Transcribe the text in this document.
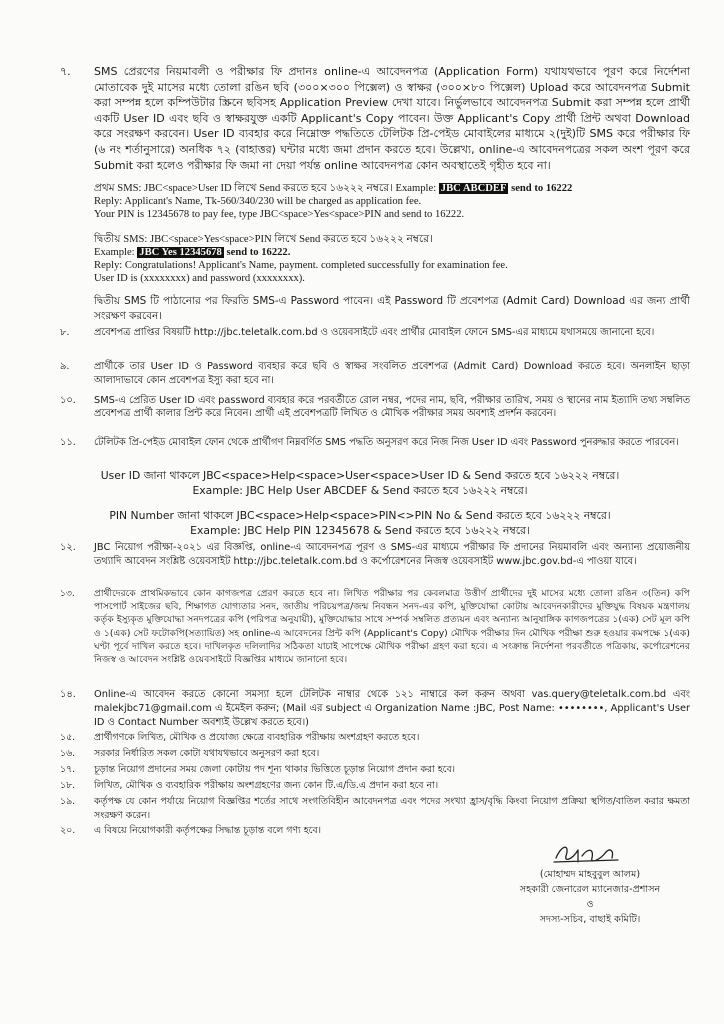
৭.	SMS প্রেরণের নিয়মাবলী ও পরীক্ষার ফি প্রদানঃ online-এ আবেদনপত্র (Application Form) যথাযথভাবে পূরণ করে নির্দেশনা মোতাবেক দুই মাসের মধ্যে তোলা রঙিন ছবি (৩০০×৩০০ পিক্সেল) ও স্বাক্ষর (৩০০×৮০ পিক্সেল) Upload করে আবেদনপত্র Submit করা সম্পন্ন হলে কম্পিউটার স্ক্রিনে ছবিসহ Application Preview দেখা যাবে। নির্ভুলভাবে আবেদনপত্র Submit করা সম্পন্ন হলে প্রার্থী একটি User ID এবং ছবি ও স্বাক্ষরযুক্ত একটি Applicant's Copy পাবেন। উক্ত Applicant's Copy প্রার্থী প্রিন্ট অথবা Download করে সংরক্ষণ করবেন। User ID ব্যবহার করে নিম্নোক্ত পদ্ধতিতে টেলিটক প্রি-পেইড মোবাইলের মাধ্যমে ২(দুই)টি SMS করে পরীক্ষার ফি (৬ নং শর্তানুসারে) অনধিক ৭২ (বাহাত্তর) ঘন্টার মধ্যে জমা প্রদান করতে হবে। উল্লেখ্য, online-এ আবেদনপত্রের সকল অংশ পূরণ করে Submit করা হলেও পরীক্ষার ফি জমা না দেয়া পর্যন্ত online আবেদনপত্র কোন অবস্থাতেই গৃহীত হবে না।

প্রথম SMS: JBC<space>User ID লিখে Send করতে হবে ১৬২২২ নম্বরে। Example: JBC ABCDEF send to 16222

Reply: Applicant's Name, Tk-560/340/230 will be charged as application fee.

Your PIN is 12345678 to pay fee, type JBC<space>Yes<space>PIN and send to 16222.

দ্বিতীয় SMS: JBC<space>Yes<space>PIN লিখে Send করতে হবে ১৬২২২ নম্বরে।

Example: JBC Yes 12345678 send to 16222.

Reply: Congratulations! Applicant's Name, payment. completed successfully for examination fee.

User ID is (xxxxxxxx) and password (xxxxxxxx).

দ্বিতীয় SMS টি পাঠানোর পর ফিরতি SMS-এ Password পাবেন। এই Password টি প্রবেশপত্র (Admit Card) Download এর জন্য প্রার্থী সংরক্ষণ করবেন।
৮.	প্রবেশপত্র প্রাপ্তির বিষয়টি http://jbc.teletalk.com.bd ও ওয়েবসাইটে এবং প্রার্থীর মোবাইল ফোনে SMS-এর মাধ্যমে যথাসময়ে জানানো হবে।
৯.	প্রার্থীকে তার User ID ও Password ব্যবহার করে ছবি ও স্বাক্ষর সংবলিত প্রবেশপত্র (Admit Card) Download করতে হবে। অনলাইন ছাড়া আলাদাভাবে কোন প্রবেশপত্র ইস্যু করা হবে না।
১০.	SMS-এ প্রেরিত User ID এবং password ব্যবহার করে পরবর্তীতে রোল নম্বর, পদের নাম, ছবি, পরীক্ষার তারিখ, সময় ও স্থানের নাম ইত্যাদি তথ্য সম্বলিত প্রবেশপত্র প্রার্থী কালার প্রিন্ট করে নিবেন। প্রার্থী এই প্রবেশপত্রটি লিখিত ও মৌখিক পরীক্ষার সময় অবশ্যই প্রদর্শন করবেন।
১১.	টেলিটক প্রি-পেইড মোবাইল ফোন থেকে প্রার্থীগণ নিম্নবর্ণিত SMS পদ্ধতি অনুসরণ করে নিজ নিজ User ID এবং Password পুনরুদ্ধার করতে পারবেন।
User ID জানা থাকলে JBC<space>Help<space>User<space>User ID & Send করতে হবে ১৬২২২ নম্বরে।
Example: JBC Help User ABCDEF & Send করতে হবে ১৬২২২ নম্বরে।
PIN Number জানা থাকলে JBC<space>Help<space>PIN<>PIN No & Send করতে হবে ১৬২২২ নম্বরে।
Example: JBC Help PIN 12345678 & Send করতে হবে ১৬২২২ নম্বরে।
১২.	JBC নিয়োগ পরীক্ষা-২০২১ এর বিজ্ঞপ্তি, online-এ আবেদনপত্র পূরণ ও SMS-এর মাধ্যমে পরীক্ষার ফি প্রদানের নিয়মাবলি এবং অন্যান্য প্রয়োজনীয় তথ্যাদি আবেদন সংশ্লিষ্ট ওয়েবসাইট http://jbc.teletalk.com.bd ও কর্পোরেশনের নিজস্ব ওয়েবসাইট www.jbc.gov.bd-এ পাওয়া যাবে।
১৩.	প্রার্থীদেরকে প্রাথমিকভাবে কোন কাগজপত্র প্রেরণ করতে হবে না। লিখিত পরীক্ষার পর কেবলমাত্র উত্তীর্ণ প্রার্থীদের দুই মাসের মধ্যে তোলা রঙিন ৩(তিন) কপি পাসপোর্ট সাইজের ছবি, শিক্ষাগত যোগ্যতার সনদ, জাতীয় পরিচয়পত্র/জন্ম নিবন্ধন সনদ-এর কপি, মুক্তিযোদ্ধা কোটায় আবেদনকারীদের মুক্তিযুদ্ধ বিষয়ক মন্ত্রণালয় কর্তৃক ইস্যুকৃত মুক্তিযোদ্ধা সনদপত্রের কপি (পরিপত্র অনুযায়ী), মুক্তিযোদ্ধার সাথে সম্পর্ক সম্বলিত প্রত্যয়ন এবং অন্যান্য আনুষাঙ্গিক কাগজপত্রের ১(এক) সেট মূল কপি ও ১(এক) সেট ফটোকপি(সত্যায়িত) সহ online-এ আবেদনের প্রিন্ট কপি (Applicant's Copy) মৌখিক পরীক্ষার দিন মৌখিক পরীক্ষা শুরু হওয়ার কমপক্ষে ১(এক) ঘণ্টা পূর্বে দাখিল করতে হবে। দাখিলকৃত দলিলাদির সঠিকতা যাচাই সাপেক্ষে মৌখিক পরীক্ষা গ্রহণ করা হবে। এ সংক্রান্ত নির্দেশনা পরবর্তীতে পত্রিকায়, কর্পোরেশনের নিজস্ব ও আবেদন সংশ্লিষ্ট ওয়েবসাইটে বিজ্ঞপ্তির মাধ্যমে জানানো হবে।
১৪.	Online-এ আবেদন করতে কোনো সমস্যা হলে টেলিটক নাম্বার থেকে ১২১ নাম্বারে কল করুন অথবা vas.query@teletalk.com.bd এবং malekjbc71@gmail.com এ ইমেইল করুন; (Mail এর subject এ Organization Name :JBC, Post Name: ••••••••, Applicant's User ID ও Contact Number অবশ্যই উল্লেখ করতে হবে।)
১৫.	প্রার্থীগণকে লিখিত, মৌখিক ও প্রযোজ্য ক্ষেত্রে ব্যবহারিক পরীক্ষায় অংশগ্রহণ করতে হবে।
১৬.	সরকার নির্ধারিত সকল কোটা যথাযথভাবে অনুসরণ করা হবে।
১৭.	চূড়ান্ত নিয়োগ প্রদানের সময় জেলা কোটায় পদ শূন্য থাকার ভিত্তিতে চূড়ান্ত নিয়োগ প্রদান করা হবে।
১৮.	লিখিত, মৌখিক ও ব্যবহারিক পরীক্ষায় অংশগ্রহণের জন্য কোন টি.এ/ডি.এ প্রদান করা হবে না।
১৯.	কর্তৃপক্ষ যে কোন পর্যায়ে নিয়োগ বিজ্ঞপ্তির শর্তের সাথে সংগতিবিহীন আবেদনপত্র এবং পদের সংখ্যা হ্রাস/বৃদ্ধি কিংবা নিয়োগ প্রক্রিয়া স্থগিত/বাতিল করার ক্ষমতা সংরক্ষণ করেন।
২০.	এ বিষয়ে নিয়োগকারী কর্তৃপক্ষের সিদ্ধান্ত চূড়ান্ত বলে গণ্য হবে।
(মোহাম্মদ মাহবুবুল আলম)
সহকারী জেনারেল ম্যানেজার-প্রশাসন
ও
সদস্য-সচিব, বাছাই কমিটি।
